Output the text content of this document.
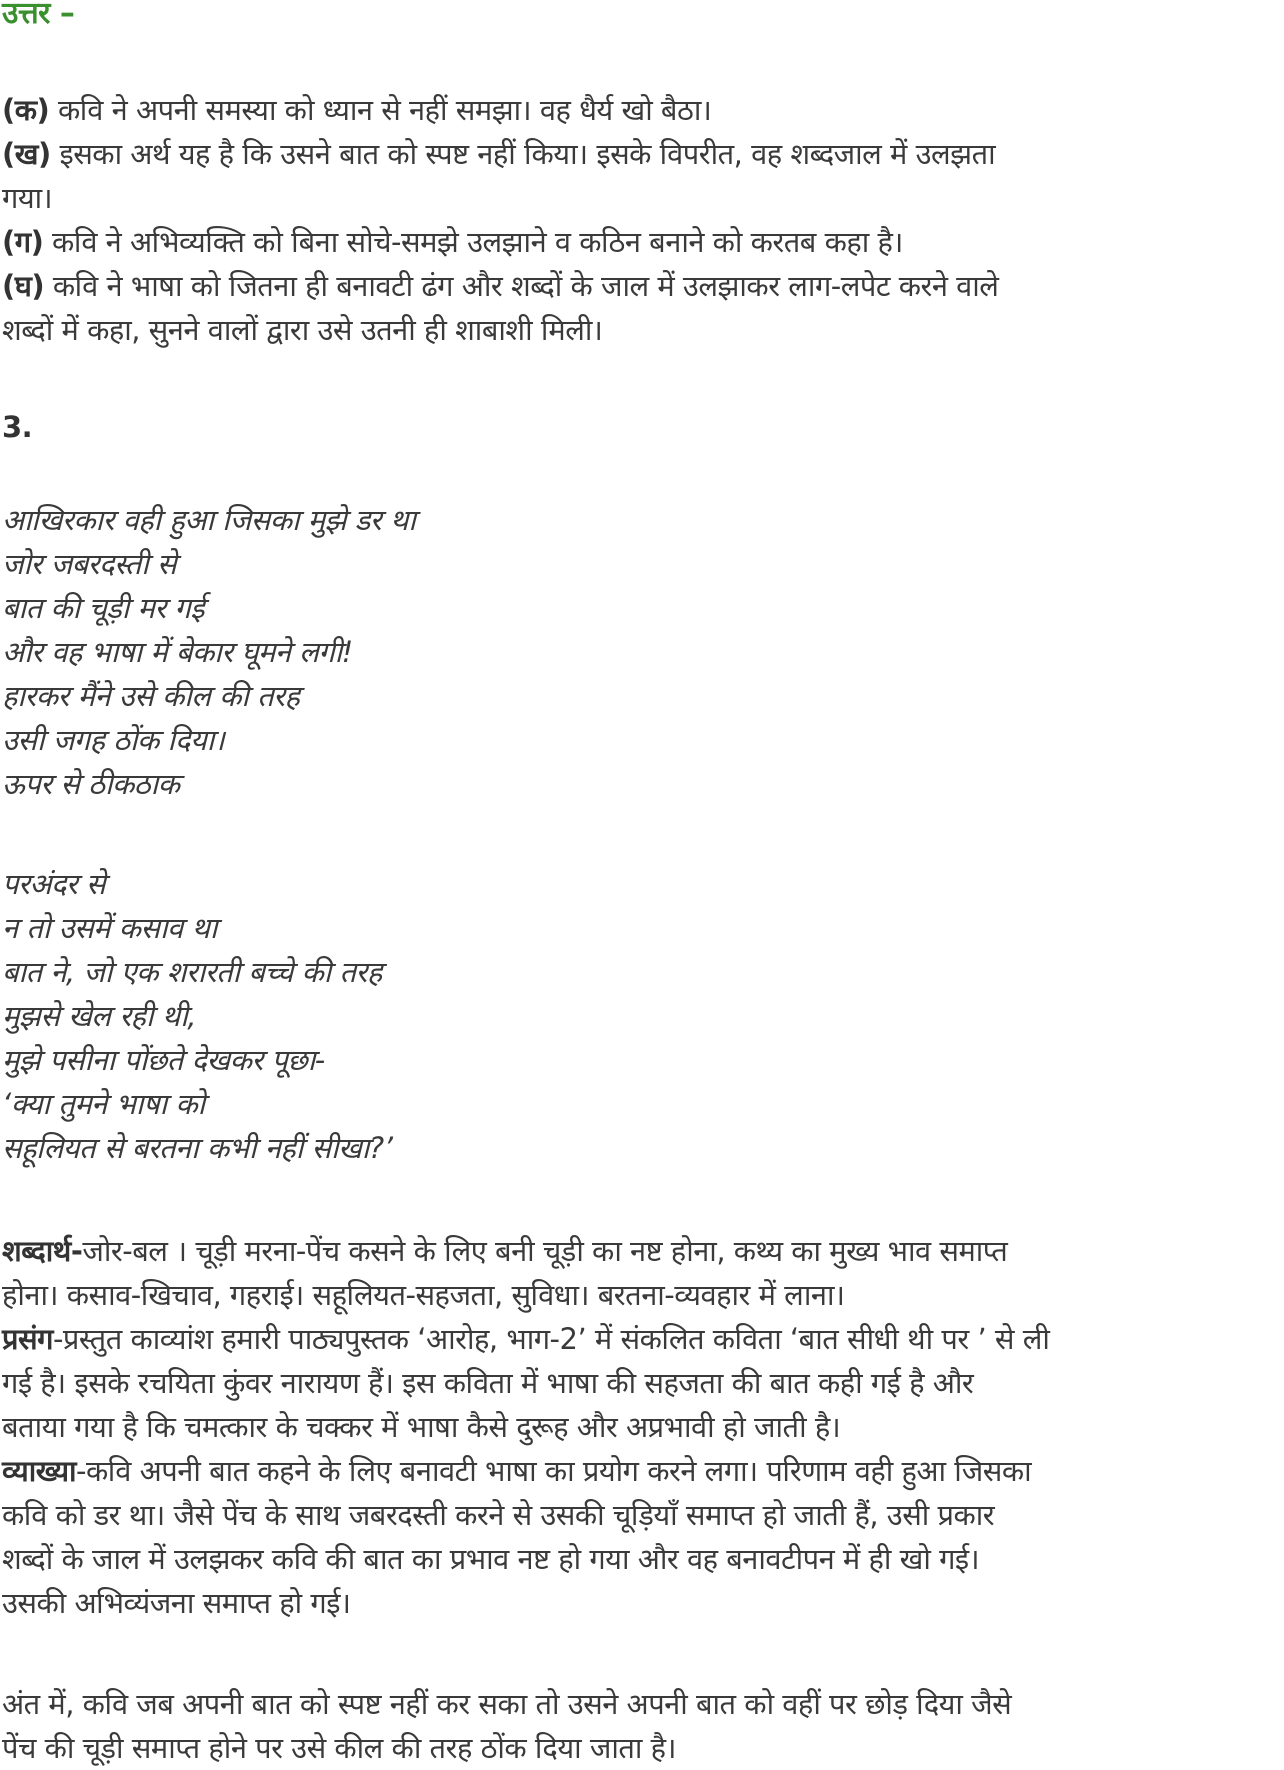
उत्तर –
(क) कवि ने अपनी समस्या को ध्यान से नहीं समझा। वह धैर्य खो बैठा।
(ख) इसका अर्थ यह है कि उसने बात को स्पष्ट नहीं किया। इसके विपरीत, वह शब्दजाल में उलझता
गया।
(ग) कवि ने अभिव्यक्ति को बिना सोचे-समझे उलझाने व कठिन बनाने को करतब कहा है।
(घ) कवि ने भाषा को जितना ही बनावटी ढंग और शब्दों के जाल में उलझाकर लाग-लपेट करने वाले
शब्दों में कहा, सुनने वालों द्वारा उसे उतनी ही शाबाशी मिली।
3.
आखिरकार वही हुआ जिसका मुझे डर था
जोर जबरदस्ती से
बात की चूड़ी मर गई
और वह भाषा में बेकार घूमने लगी!
हारकर मैंने उसे कील की तरह
उसी जगह ठोंक दिया।
ऊपर से ठीकठाक
परअंदर से
न तो उसमें कसाव था
बात ने, जो एक शरारती बच्चे की तरह
मुझसे खेल रही थी,
मुझे पसीना पोंछते देखकर पूछा-
‘क्या तुमने भाषा को
सहूलियत से बरतना कभी नहीं सीखा?’
शब्दार्थ-जोर-बल । चूड़ी मरना-पेंच कसने के लिए बनी चूड़ी का नष्ट होना, कथ्य का मुख्य भाव समाप्त
होना। कसाव-खिचाव, गहराई। सहूलियत-सहजता, सुविधा। बरतना-व्यवहार में लाना।
प्रसंग-प्रस्तुत काव्यांश हमारी पाठ्यपुस्तक ‘आरोह, भाग-2’ में संकलित कविता ‘बात सीधी थी पर ’ से ली
गई है। इसके रचयिता कुंवर नारायण हैं। इस कविता में भाषा की सहजता की बात कही गई है और
बताया गया है कि चमत्कार के चक्कर में भाषा कैसे दुरूह और अप्रभावी हो जाती है।
व्याख्या-कवि अपनी बात कहने के लिए बनावटी भाषा का प्रयोग करने लगा। परिणाम वही हुआ जिसका
कवि को डर था। जैसे पेंच के साथ जबरदस्ती करने से उसकी चूड़ियाँ समाप्त हो जाती हैं, उसी प्रकार
शब्दों के जाल में उलझकर कवि की बात का प्रभाव नष्ट हो गया और वह बनावटीपन में ही खो गई।
उसकी अभिव्यंजना समाप्त हो गई।
अंत में, कवि जब अपनी बात को स्पष्ट नहीं कर सका तो उसने अपनी बात को वहीं पर छोड़ दिया जैसे
पेंच की चूड़ी समाप्त होने पर उसे कील की तरह ठोंक दिया जाता है।
